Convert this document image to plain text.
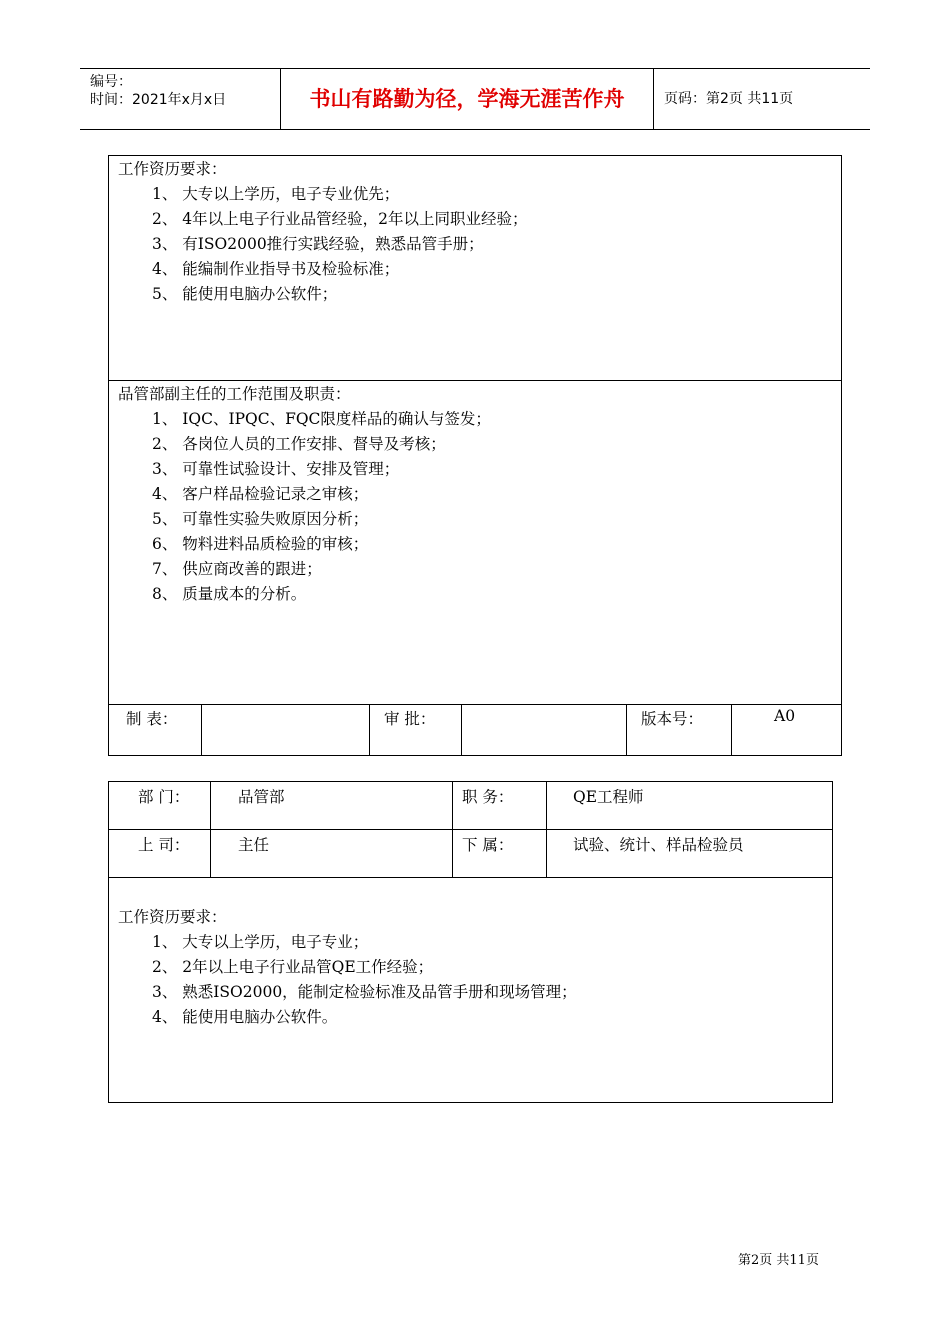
编号：
时间：2021年x月x日	书山有路勤为径，学海无涯苦作舟	页码：第2页 共11页
工作资历要求：
1、 大专以上学历，电子专业优先；
2、 4年以上电子行业品管经验，2年以上同职业经验；
3、 有ISO2000推行实践经验，熟悉品管手册；
4、 能编制作业指导书及检验标准；
5、 能使用电脑办公软件；
品管部副主任的工作范围及职责：
1、 IQC、IPQC、FQC限度样品的确认与签发；
2、 各岗位人员的工作安排、督导及考核；
3、 可靠性试验设计、安排及管理；
4、 客户样品检验记录之审核；
5、 可靠性实验失败原因分析；
6、 物料进料品质检验的审核；
7、 供应商改善的跟进；
8、 质量成本的分析。
制 表：	审 批：	版本号：	A0
部 门：	品管部	职 务：	QE工程师
上 司：	主任	下 属：	试验、统计、样品检验员
工作资历要求：
1、 大专以上学历，电子专业；
2、 2年以上电子行业品管QE工作经验；
3、 熟悉ISO2000，能制定检验标准及品管手册和现场管理；
4、 能使用电脑办公软件。
第2页 共11页
